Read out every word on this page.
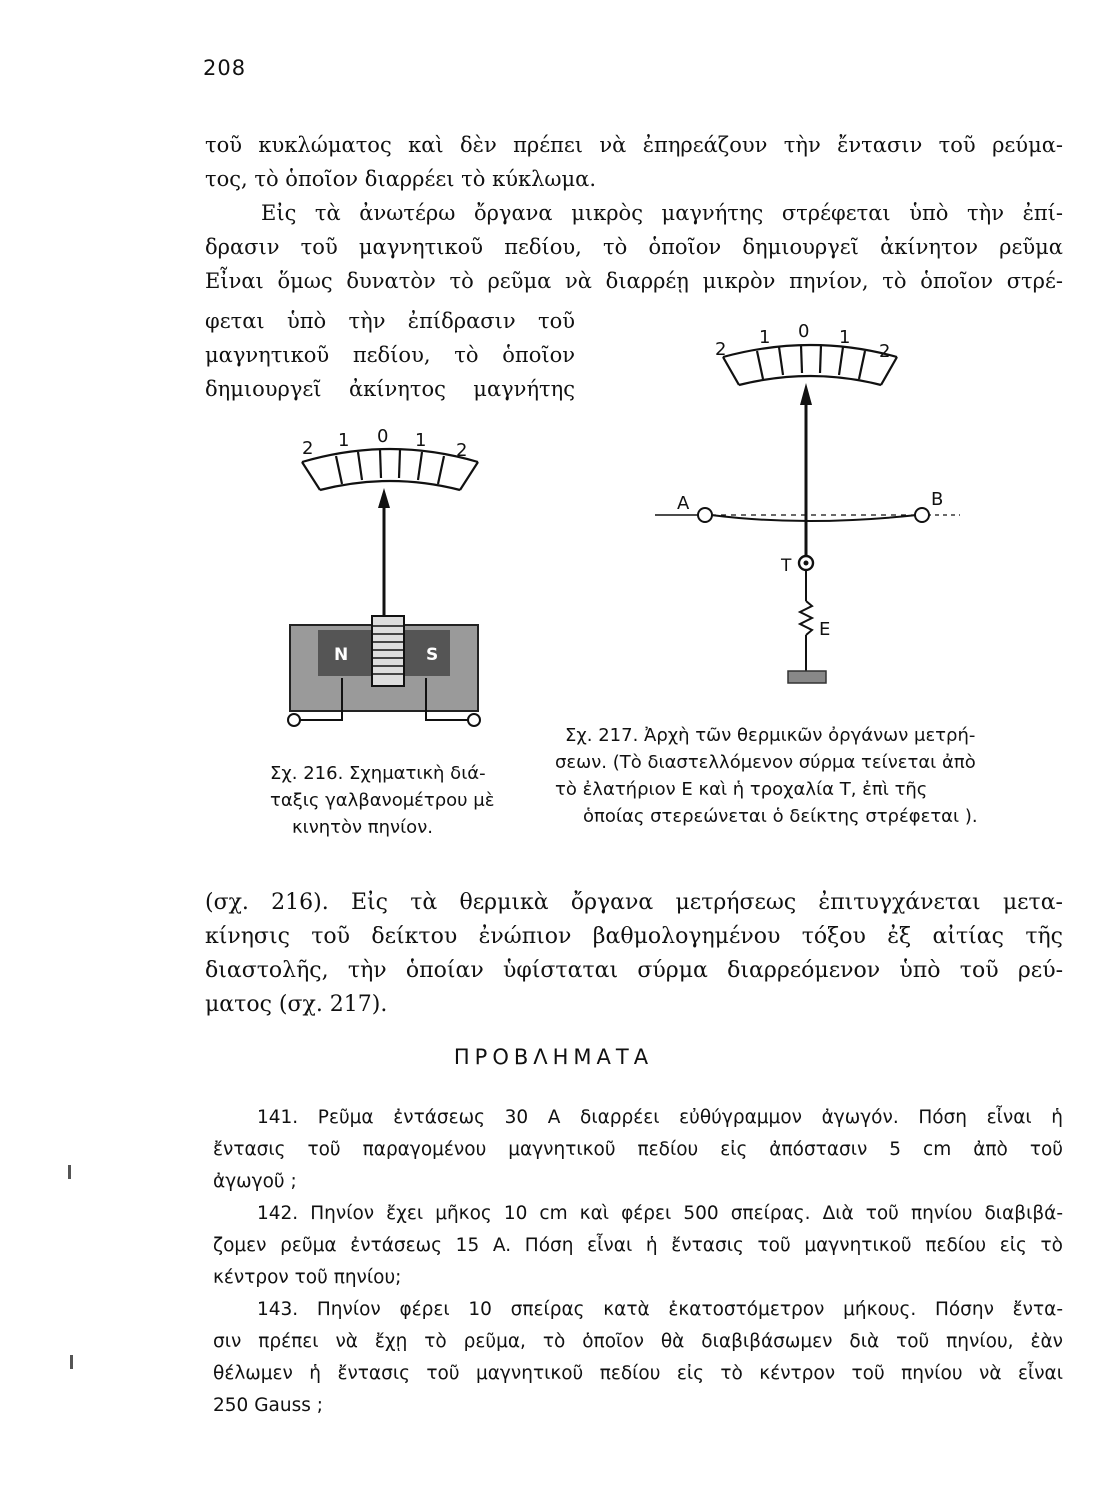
208
τοῦ κυκλώματος καὶ δὲν πρέπει νὰ ἐπηρεάζουν τὴν ἔντασιν τοῦ ρεύμα-
τος, τὸ ὁποῖον διαρρέει τὸ κύκλωμα.
Εἰς τὰ ἀνωτέρω ὄργανα μικρὸς μαγνήτης στρέφεται ὑπὸ τὴν ἐπί-
δρασιν τοῦ μαγνητικοῦ πεδίου, τὸ ὁποῖον δημιουργεῖ ἀκίνητον ρεῦμα
Εἶναι ὅμως δυνατὸν τὸ ρεῦμα νὰ διαρρέῃ μικρὸν πηνίον, τὸ ὁποῖον στρέ-
φεται ὑπὸ τὴν ἐπίδρασιν τοῦ
μαγνητικοῦ πεδίου, τὸ ὁποῖον
δημιουργεῖ ἀκίνητος μαγνήτης
2 1 0 1 2
N	S
2
1 0 1
2
A	B
T
E
Σχ. 216. Σχηματικὴ διά-
ταξις γαλβανομέτρου μὲ
κινητὸν πηνίον.
Σχ. 217. Ἀρχὴ τῶν θερμικῶν ὀργάνων μετρή-
σεων. (Τὸ διαστελλόμενον σύρμα τείνεται ἀπὸ
τὸ ἐλατήριον E καὶ ἡ τροχαλία T, ἐπὶ τῆς
ὁποίας στερεώνεται ὁ δείκτης στρέφεται ).
(σχ. 216). Εἰς τὰ θερμικὰ ὄργανα μετρήσεως ἐπιτυγχάνεται μετα-
κίνησις τοῦ δείκτου ἐνώπιον βαθμολογημένου τόξου ἐξ αἰτίας τῆς
διαστολῆς, τὴν ὁποίαν ὑφίσταται σύρμα διαρρεόμενον ὑπὸ τοῦ ρεύ-
ματος (σχ. 217).
ΠΡΟΒΛΗΜΑΤΑ
141. Ρεῦμα ἐντάσεως 30 A διαρρέει εὐθύγραμμον ἀγωγόν. Πόση εἶναι ἡ
ἔντασις τοῦ παραγομένου μαγνητικοῦ πεδίου εἰς ἀπόστασιν 5 cm ἀπὸ τοῦ
ἀγωγοῦ ;
142. Πηνίον ἔχει μῆκος 10 cm καὶ φέρει 500 σπείρας. Διὰ τοῦ πηνίου διαβιβά-
ζομεν ρεῦμα ἐντάσεως 15 A. Πόση εἶναι ἡ ἔντασις τοῦ μαγνητικοῦ πεδίου εἰς τὸ
κέντρον τοῦ πηνίου;
143. Πηνίον φέρει 10 σπείρας κατὰ ἑκατοστόμετρον μήκους. Πόσην ἔντα-
σιν πρέπει νὰ ἔχῃ τὸ ρεῦμα, τὸ ὁποῖον θὰ διαβιβάσωμεν διὰ τοῦ πηνίου, ἐὰν
θέλωμεν ἡ ἔντασις τοῦ μαγνητικοῦ πεδίου εἰς τὸ κέντρον τοῦ πηνίου νὰ εἶναι
250 Gauss ;
